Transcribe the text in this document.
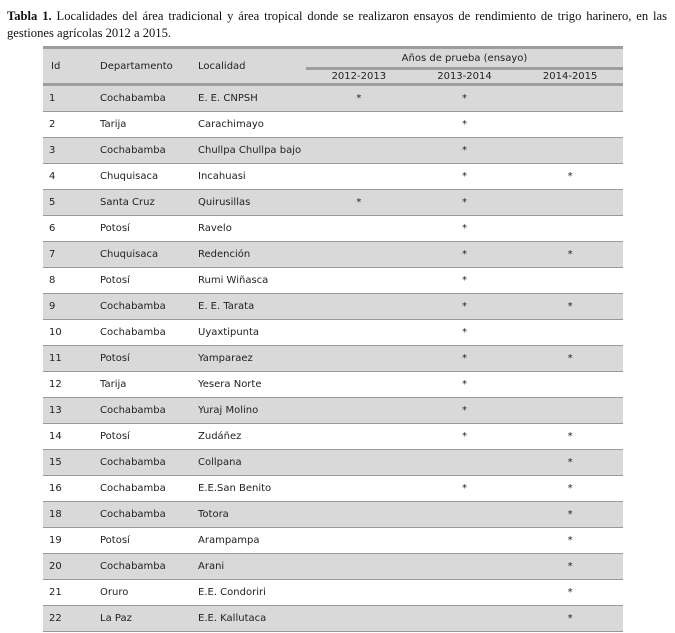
Tabla 1. Localidades del área tradicional y área tropical donde se realizaron ensayos de rendimiento de trigo harinero, en las gestiones agrícolas 2012 a 2015.

Id	Departamento	Localidad	Años de prueba (ensayo)		

			2012-2013	2013-2014	2014-2015

1	Cochabamba	E. E. CNPSH	*	*	
2	Tarija	Carachimayo		*	
3	Cochabamba	Chullpa Chullpa bajo		*	
4	Chuquisaca	Incahuasi		*	*
5	Santa Cruz	Quirusillas	*	*	
6	Potosí	Ravelo		*	
7	Chuquisaca	Redención		*	*
8	Potosí	Rumi Wiñasca		*	
9	Cochabamba	E. E. Tarata		*	*
10	Cochabamba	Uyaxtipunta		*	
11	Potosí	Yamparaez		*	*
12	Tarija	Yesera Norte		*	
13	Cochabamba	Yuraj Molino		*	
14	Potosí	Zudáñez		*	*
15	Cochabamba	Collpana			*
16	Cochabamba	E.E.San Benito		*	*
18	Cochabamba	Totora			*
19	Potosí	Arampampa			*
20	Cochabamba	Arani			*
21	Oruro	E.E. Condoriri			*
22	La Paz	E.E. Kallutaca			*
